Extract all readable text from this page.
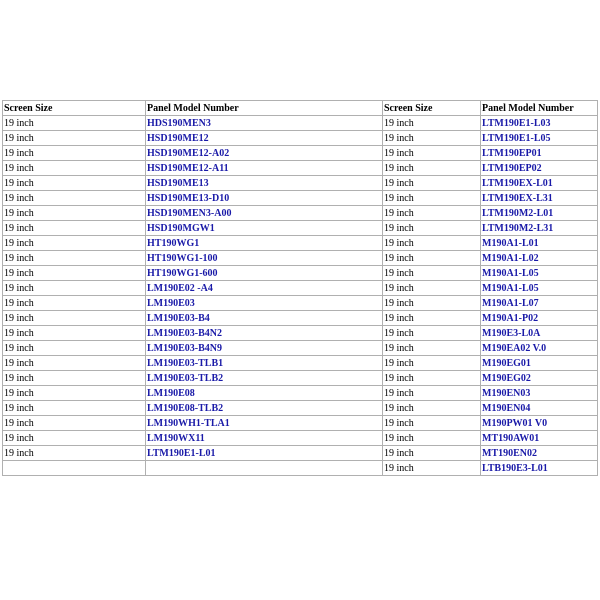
Screen Size	Panel Model Number	Screen Size	Panel Model Number
19 inch	HDS190MEN3	19 inch	LTM190E1-L03
19 inch	HSD190ME12	19 inch	LTM190E1-L05
19 inch	HSD190ME12-A02	19 inch	LTM190EP01
19 inch	HSD190ME12-A11	19 inch	LTM190EP02
19 inch	HSD190ME13	19 inch	LTM190EX-L01
19 inch	HSD190ME13-D10	19 inch	LTM190EX-L31
19 inch	HSD190MEN3-A00	19 inch	LTM190M2-L01
19 inch	HSD190MGW1	19 inch	LTM190M2-L31
19 inch	HT190WG1	19 inch	M190A1-L01
19 inch	HT190WG1-100	19 inch	M190A1-L02
19 inch	HT190WG1-600	19 inch	M190A1-L05
19 inch	LM190E02 -A4	19 inch	M190A1-L05
19 inch	LM190E03	19 inch	M190A1-L07
19 inch	LM190E03-B4	19 inch	M190A1-P02
19 inch	LM190E03-B4N2	19 inch	M190E3-L0A
19 inch	LM190E03-B4N9	19 inch	M190EA02 V.0
19 inch	LM190E03-TLB1	19 inch	M190EG01
19 inch	LM190E03-TLB2	19 inch	M190EG02
19 inch	LM190E08	19 inch	M190EN03
19 inch	LM190E08-TLB2	19 inch	M190EN04
19 inch	LM190WH1-TLA1	19 inch	M190PW01 V0
19 inch	LM190WX11	19 inch	MT190AW01
19 inch	LTM190E1-L01	19 inch	MT190EN02
		19 inch	LTB190E3-L01
